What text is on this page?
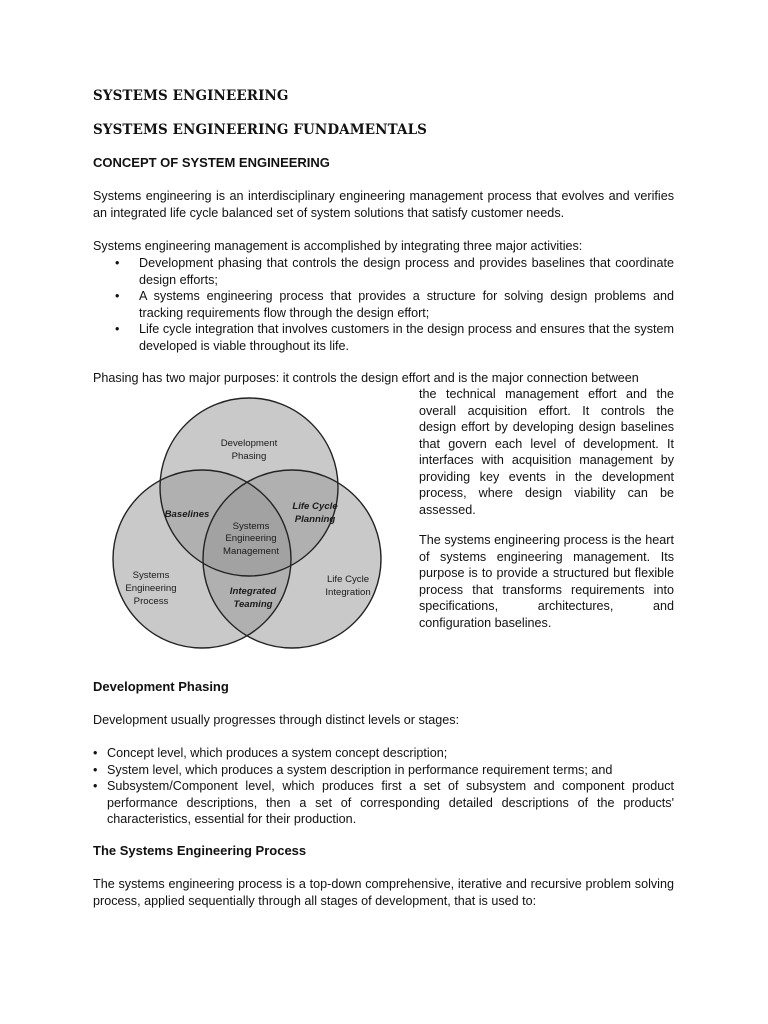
SYSTEMS ENGINEERING
SYSTEMS ENGINEERING FUNDAMENTALS
CONCEPT OF SYSTEM ENGINEERING
Systems engineering is an interdisciplinary engineering management process that evolves and verifies an integrated life cycle balanced set of system solutions that satisfy customer needs.
Systems engineering management is accomplished by integrating three major activities:
• Development phasing that controls the design process and provides baselines that coordinate design efforts;
• A systems engineering process that provides a structure for solving design problems and tracking requirements flow through the design effort;
• Life cycle integration that involves customers in the design process and ensures that the system developed is viable throughout its life.
Phasing has two major purposes: it controls the design effort and is the major connection between
the technical management effort and the overall acquisition effort. It controls the design effort by developing design baselines that govern each level of development. It interfaces with acquisition management by providing key events in the development process, where design viability can be assessed.
The systems engineering process is the heart of systems engineering management. Its purpose is to provide a structured but flexible process that transforms requirements into specifications, architectures, and configuration baselines.
Development
Phasing
Baselines
Life Cycle
Planning
Systems
Engineering
Management
Systems
Engineering
Process
Integrated
Teaming
Life Cycle
Integration
Development Phasing
Development usually progresses through distinct levels or stages:
• Concept level, which produces a system concept description;
• System level, which produces a system description in performance requirement terms; and
• Subsystem/Component level, which produces first a set of subsystem and component product performance descriptions, then a set of corresponding detailed descriptions of the products' characteristics, essential for their production.
The Systems Engineering Process
The systems engineering process is a top-down comprehensive, iterative and recursive problem solving process, applied sequentially through all stages of development, that is used to:
